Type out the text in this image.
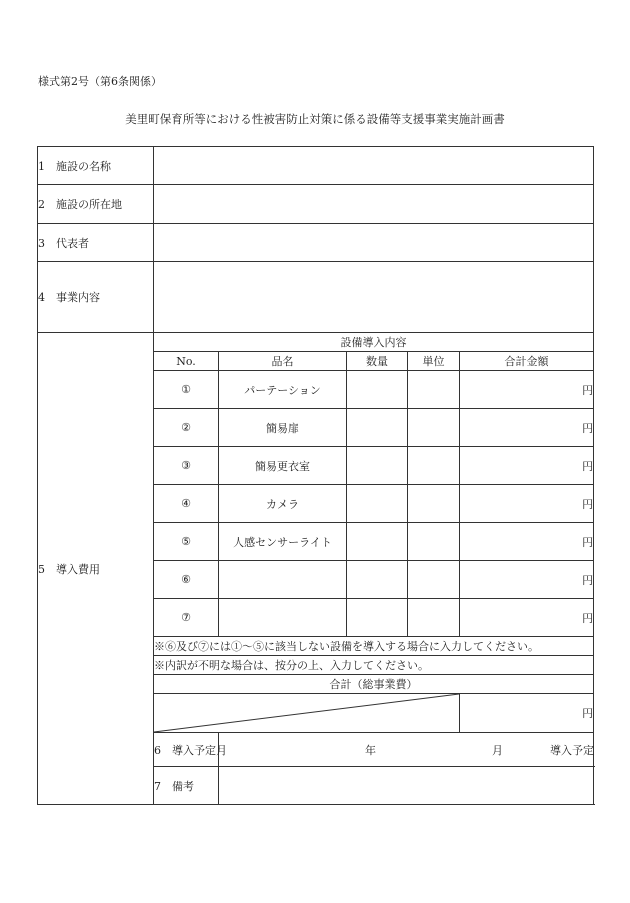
様式第2号（第6条関係）
美里町保育所等における性被害防止対策に係る設備等支援事業実施計画書
1　施設の名称					
2　施設の所在地					
3　代表者					
4　事業内容					
5　導入費用	設備導入内容				
	No.	品名	数量	単位	合計金額
	①	パーテーション			円
	②	簡易扉			円
	③	簡易更衣室			円
	④	カメラ			円
	⑤	人感センサーライト			円
	⑥				円
	⑦				円
	※⑥及び⑦には①～⑤に該当しない設備を導入する場合に入力してください。				
	※内訳が不明な場合は、按分の上、入力してください。				
	合計（総事業費）				

	円
	6　導入予定月	年 月 導入予定			

	7　備考				
